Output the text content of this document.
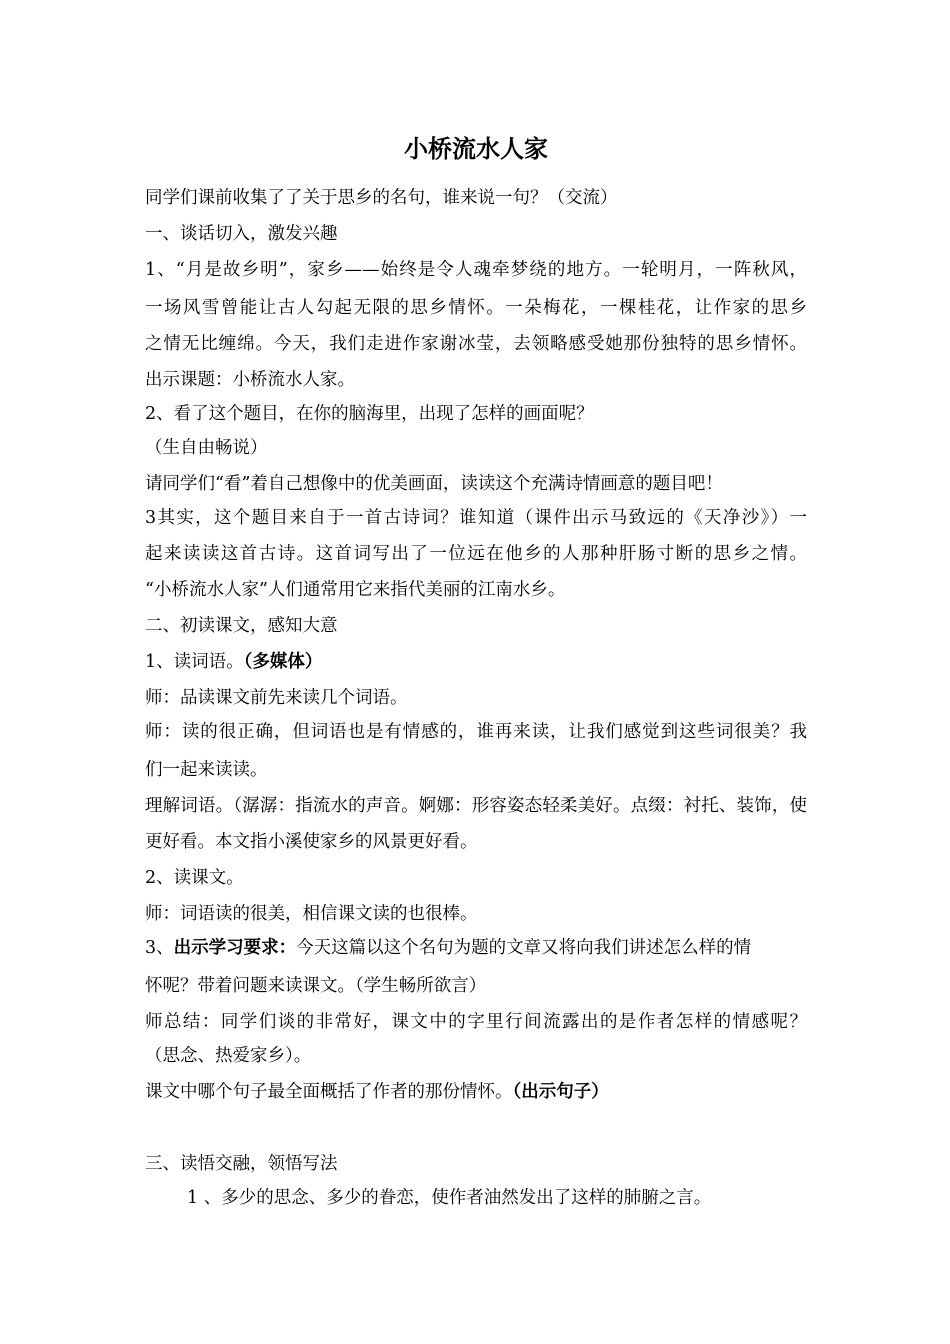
小桥流水人家
同学们课前收集了了关于思乡的名句，谁来说一句？（交流）
一、谈话切入，激发兴趣
1、“月是故乡明”，家乡——始终是令人魂牵梦绕的地方。一轮明月，一阵秋风，
一场风雪曾能让古人勾起无限的思乡情怀。一朵梅花，一棵桂花，让作家的思乡
之情无比缠绵。今天，我们走进作家谢冰莹，去领略感受她那份独特的思乡情怀。
出示课题：小桥流水人家。
2、看了这个题目，在你的脑海里，出现了怎样的画面呢？
（生自由畅说）
请同学们“看”着自己想像中的优美画面，读读这个充满诗情画意的题目吧！
3其实，这个题目来自于一首古诗词？谁知道（课件出示马致远的《天净沙》）一
起来读读这首古诗。这首词写出了一位远在他乡的人那种肝肠寸断的思乡之情。
“小桥流水人家”人们通常用它来指代美丽的江南水乡。
二、初读课文，感知大意
1、读词语。（多媒体）
师：品读课文前先来读几个词语。
师：读的很正确，但词语也是有情感的，谁再来读，让我们感觉到这些词很美？我
们一起来读读。
理解词语。（潺潺：指流水的声音。婀娜：形容姿态轻柔美好。点缀：衬托、装饰，使
更好看。本文指小溪使家乡的风景更好看。
2、读课文。
师：词语读的很美，相信课文读的也很棒。
3、出示学习要求：今天这篇以这个名句为题的文章又将向我们讲述怎么样的情
怀呢？带着问题来读课文。（学生畅所欲言）
师总结：同学们谈的非常好，课文中的字里行间流露出的是作者怎样的情感呢？
（思念、热爱家乡）。
课文中哪个句子最全面概括了作者的那份情怀。（出示句子）
三、读悟交融，领悟写法
1 、多少的思念、多少的眷恋，使作者油然发出了这样的肺腑之言。
